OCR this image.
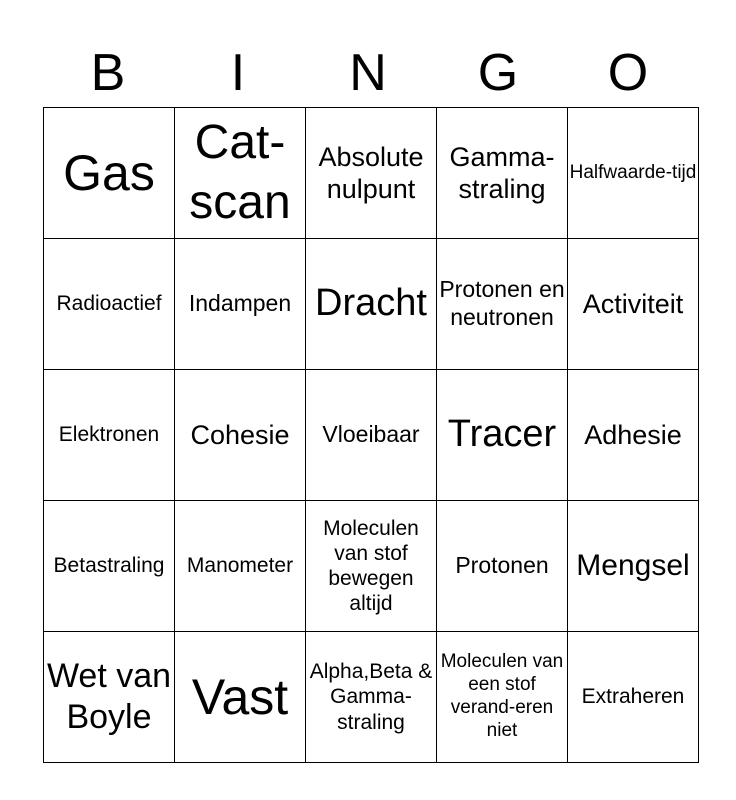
B	I	N	G	O
Gas	Cat-scan	Absolute nulpunt	Gamma-straling	Halfwaarde-tijd

Radioactief	Indampen	Dracht	Protonen en neutronen	Activiteit

Elektronen	Cohesie	Vloeibaar	Tracer	Adhesie

Betastraling	Manometer	Moleculen van stof bewegen altijd	Protonen	Mengsel

Wet van Boyle	Vast	Alpha,Beta & Gamma-straling	Moleculen van een stof verand-eren niet	Extraheren
